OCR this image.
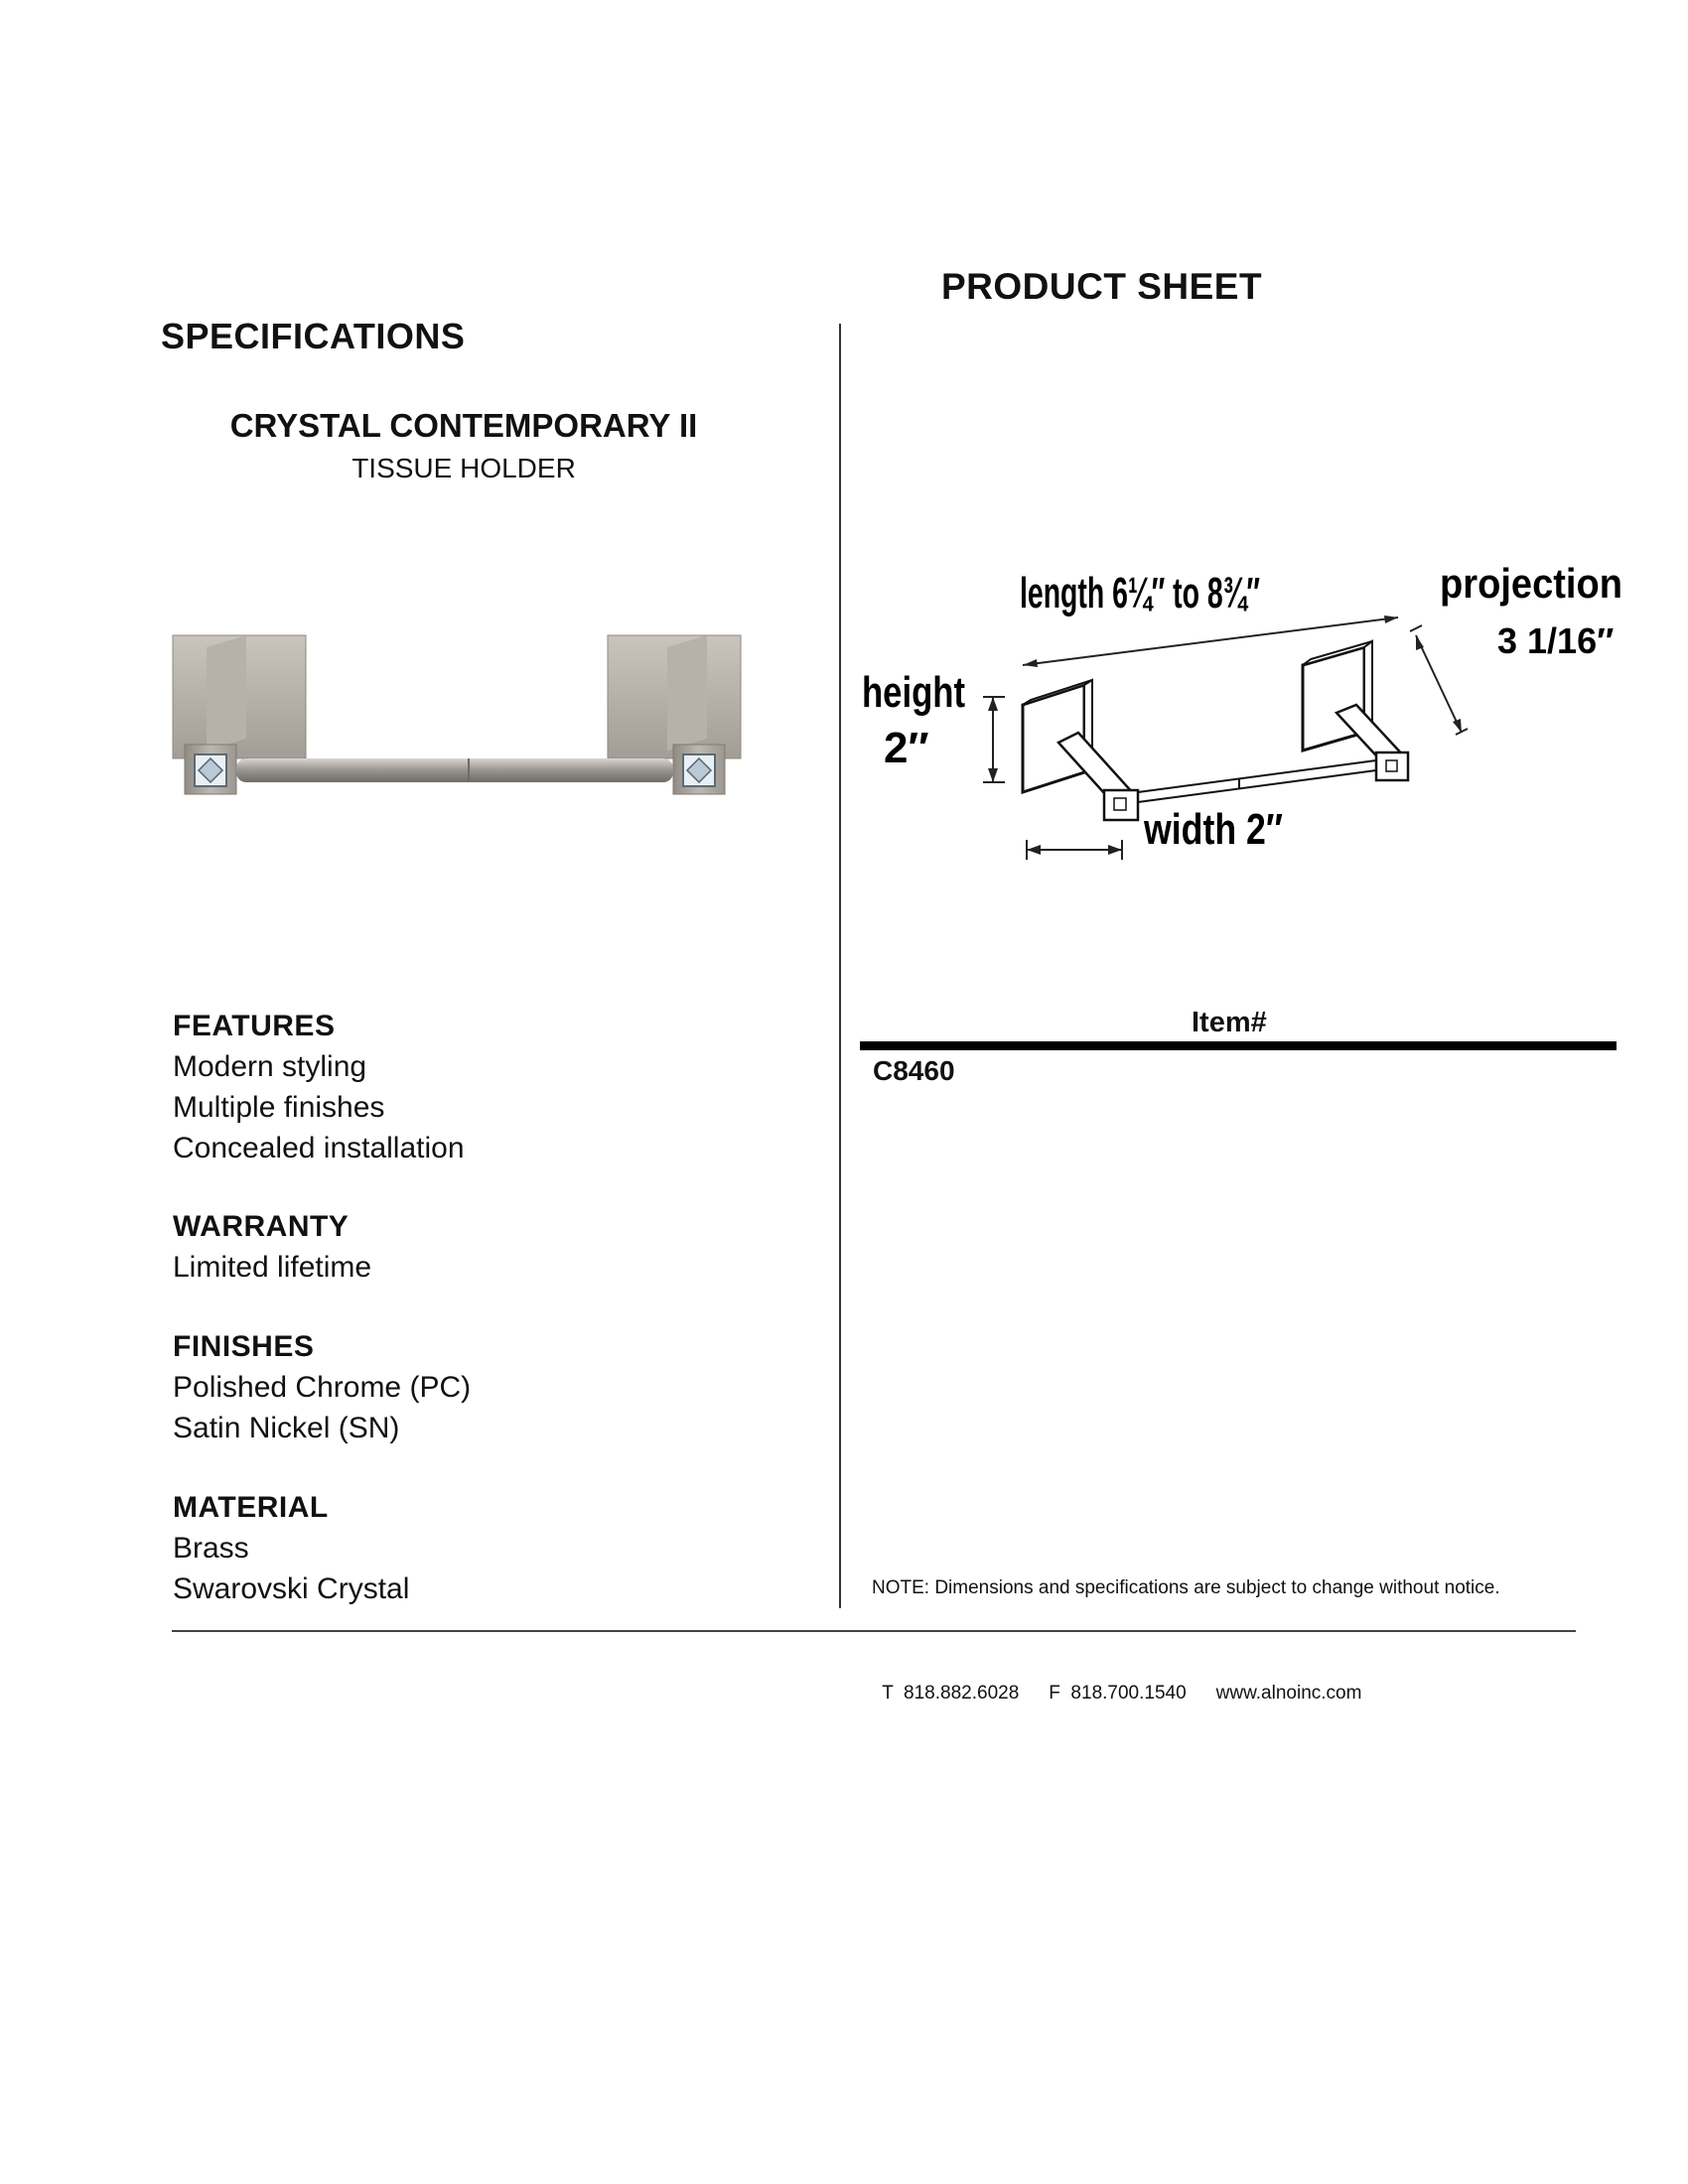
PRODUCT SHEET
SPECIFICATIONS
CRYSTAL CONTEMPORARY II
TISSUE HOLDER
length 6¼″ to 8¾″	projection
3 1/16″
height
2″
width 2″
FEATURES
Modern styling
Multiple finishes
Concealed installation
WARRANTY
Limited lifetime
FINISHES
Polished Chrome (PC)
Satin Nickel (SN)
MATERIAL
Brass
Swarovski Crystal
Item#
C8460
NOTE: Dimensions and specifications are subject to change without notice.

T  818.882.6028 F  818.700.1540 www.alnoinc.com
